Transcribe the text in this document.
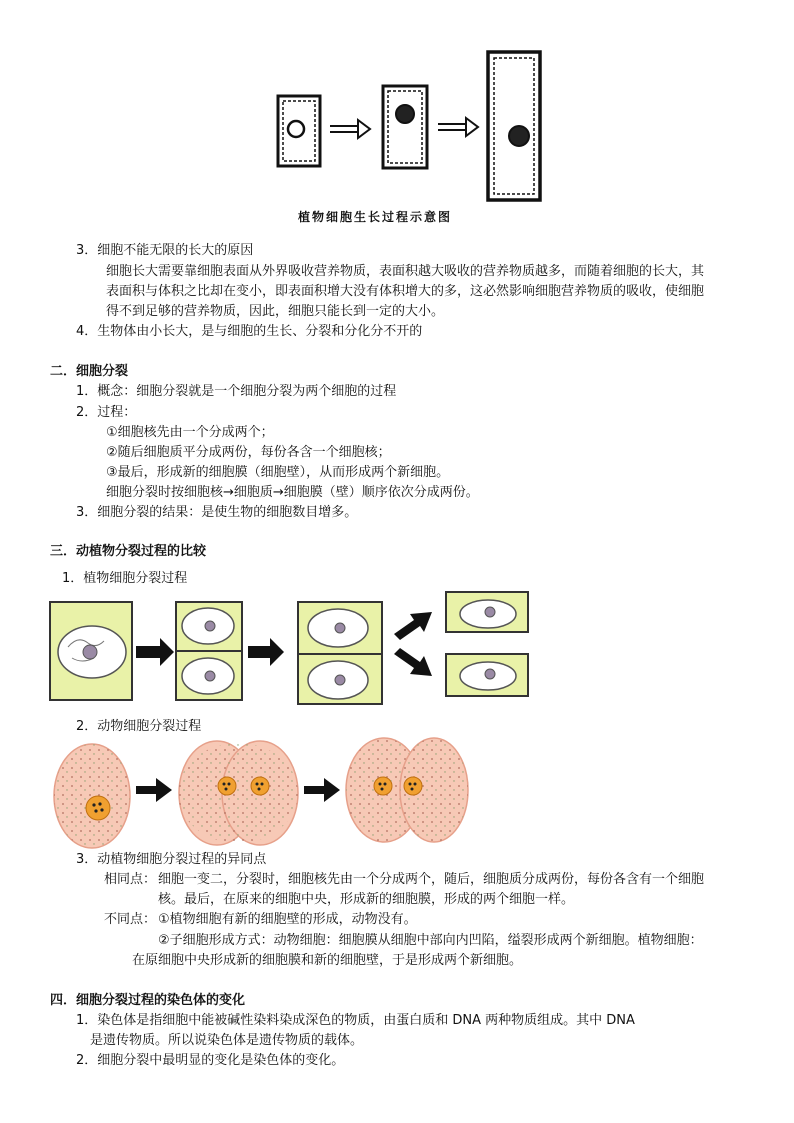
植物细胞生长过程示意图
3．细胞不能无限的长大的原因
细胞长大需要靠细胞表面从外界吸收营养物质，表面积越大吸收的营养物质越多，而随着细胞的长大，其
表面积与体积之比却在变小，即表面积增大没有体积增大的多，这必然影响细胞营养物质的吸收，使细胞
得不到足够的营养物质，因此，细胞只能长到一定的大小。
4．生物体由小长大，是与细胞的生长、分裂和分化分不开的
二．细胞分裂
1．概念：细胞分裂就是一个细胞分裂为两个细胞的过程
2．过程：
①细胞核先由一个分成两个；
②随后细胞质平分成两份，每份各含一个细胞核；
③最后，形成新的细胞膜（细胞壁），从而形成两个新细胞。
细胞分裂时按细胞核→细胞质→细胞膜（壁）顺序依次分成两份。
3．细胞分裂的结果：是使生物的细胞数目增多。
三．动植物分裂过程的比较
1．植物细胞分裂过程
2．动物细胞分裂过程
3．动植物细胞分裂过程的异同点
相同点： 细胞一变二，分裂时，细胞核先由一个分成两个，随后，细胞质分成两份，每份各含有一个细胞
核。最后，在原来的细胞中央，形成新的细胞膜，形成的两个细胞一样。
不同点： ①植物细胞有新的细胞壁的形成，动物没有。
②子细胞形成方式：动物细胞：细胞膜从细胞中部向内凹陷，缢裂形成两个新细胞。植物细胞：
在原细胞中央形成新的细胞膜和新的细胞壁，于是形成两个新细胞。
四．细胞分裂过程的染色体的变化
1．染色体是指细胞中能被碱性染料染成深色的物质，由蛋白质和 DNA 两种物质组成。其中 DNA
是遗传物质。所以说染色体是遗传物质的载体。
2．细胞分裂中最明显的变化是染色体的变化。
